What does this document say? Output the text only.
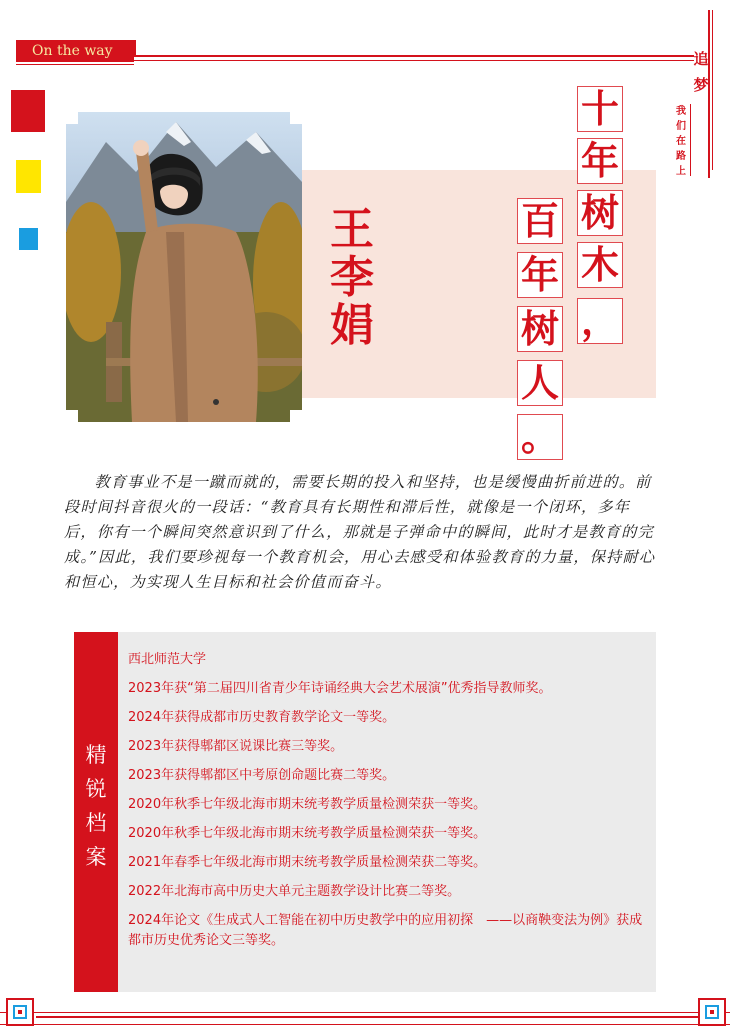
On the way	追
梦
我
们
在
路
上
王
李
娟
十
年
树
木
，
百
年
树
人
。
教育事业不是一蹴而就的，需要长期的投入和坚持，也是缓慢曲折前进的。前段时间抖音很火的一段话：“教育具有长期性和滞后性，就像是一个闭环，多年后，你有一个瞬间突然意识到了什么，那就是子弹命中的瞬间，此时才是教育的完成。”因此，我们要珍视每一个教育机会，用心去感受和体验教育的力量，保持耐心和恒心，为实现人生目标和社会价值而奋斗。
精
锐
档
案
西北师范大学
2023年获“第二届四川省青少年诗诵经典大会艺术展演”优秀指导教师奖。
2024年获得成都市历史教育教学论文一等奖。
2023年获得郫都区说课比赛三等奖。
2023年获得郫都区中考原创命题比赛二等奖。
2020年秋季七年级北海市期末统考教学质量检测荣获一等奖。
2020年秋季七年级北海市期末统考教学质量检测荣获一等奖。
2021年春季七年级北海市期末统考教学质量检测荣获二等奖。
2022年北海市高中历史大单元主题教学设计比赛二等奖。
2024年论文《生成式人工智能在初中历史教学中的应用初探　——以商鞅变法为例》获成都市历史优秀论文三等奖。
